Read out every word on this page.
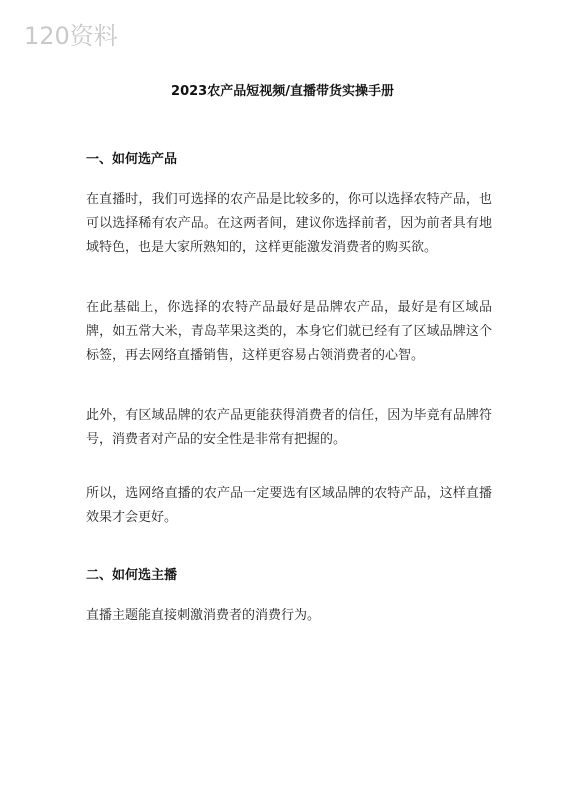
120资料
2023农产品短视频/直播带货实操手册
一、如何选产品

在直播时，我们可选择的农产品是比较多的，你可以选择农特产品，也可以选择稀有农产品。在这两者间，建议你选择前者，因为前者具有地域特色，也是大家所熟知的，这样更能激发消费者的购买欲。

在此基础上，你选择的农特产品最好是品牌农产品，最好是有区域品牌，如五常大米，青岛苹果这类的，本身它们就已经有了区域品牌这个标签，再去网络直播销售，这样更容易占领消费者的心智。

此外，有区域品牌的农产品更能获得消费者的信任，因为毕竟有品牌符号，消费者对产品的安全性是非常有把握的。

所以，选网络直播的农产品一定要选有区域品牌的农特产品，这样直播效果才会更好。

二、如何选主播

直播主题能直接刺激消费者的消费行为。
